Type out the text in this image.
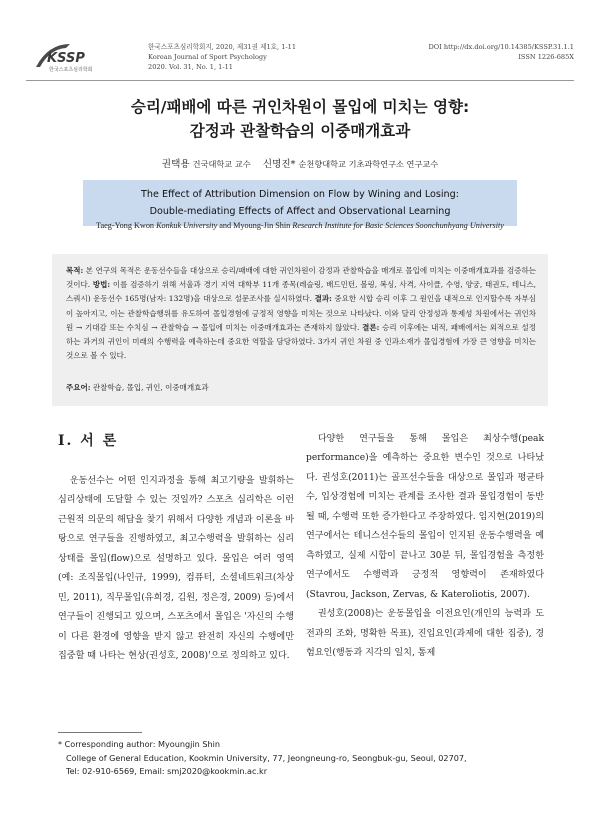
KSSP
한국스포츠심리학회
한국스포츠심리학회지, 2020, 제31권 제1호, 1-11
Korean Journal of Sport Psychology
2020. Vol. 31, No. 1, 1-11
DOI http://dx.doi.org/10.14385/KSSP.31.1.1
ISSN 1226-685X
승리/패배에 따른 귀인차원이 몰입에 미치는 영향:
감정과 관찰학습의 이중매개효과
권택용 건국대학교 교수 신명진* 순천향대학교 기초과학연구소 연구교수
The Effect of Attribution Dimension on Flow by Wining and Losing:
Double-mediating Effects of Affect and Observational Learning
Taeg-Yong Kwon Konkuk University and Myoung-Jin Shin Research Institute for Basic Sciences Soonchunhyang University
목적: 본 연구의 목적은 운동선수들을 대상으로 승리/패배에 대한 귀인차원이 감정과 관찰학습을 매개로 몰입에 미치는 이중매개효과를 검증하는 것이다. 방법: 이를 검증하기 위해 서울과 경기 지역 대학부 11개 종목(레슬링, 배드민턴, 볼링, 복싱, 사격, 사이클, 수영, 양궁, 태권도, 테니스, 스쿼시) 운동선수 165명(남자: 132명)을 대상으로 설문조사를 실시하였다. 결과: 중요한 시합 승리 이후 그 원인을 내적으로 인지할수록 자부심이 높아지고, 이는 관찰학습행위를 유도하여 몰입경험에 긍정적 영향을 미치는 것으로 나타났다. 이와 달리 안정성과 통제성 차원에서는 귀인차원 → 기대감 또는 수치심 → 관찰학습 → 몰입에 미치는 이중매개효과는 존재하지 않았다. 결론: 승리 이후에는 내적, 패배에서는 외적으로 설정하는 과거의 귀인이 미래의 수행력을 예측하는데 중요한 역할을 담당하였다. 3가지 귀인 차원 중 인과소재가 몰입경험에 가장 큰 영향을 미치는 것으로 볼 수 있다.
주요어: 관찰학습, 몰입, 귀인, 이중매개효과
Ⅰ. 서 론
운동선수는 어떤 인지과정을 통해 최고기량을 발휘하는 심리상태에 도달할 수 있는 것일까? 스포츠 심리학은 이런 근원적 의문의 해답을 찾기 위해서 다양한 개념과 이론을 바탕으로 연구들을 진행하였고, 최고수행력을 발휘하는 심리 상태를 몰입(flow)으로 설명하고 있다. 몰입은 여러 영역(예: 조직몰입(나인규, 1999), 컴퓨터, 소셜네트워크(차상민, 2011), 직무몰입(유희경, 김원, 정은경, 2009) 등)에서 연구들이 진행되고 있으며, 스포츠에서 몰입은 '자신의 수행이 다른 환경에 영향을 받지 않고 완전히 자신의 수행에만 집중할 때 나타는 현상(권성호, 2008)'으로 정의하고 있다.
다양한 연구들을 통해 몰입은 최상수행(peak performance)을 예측하는 중요한 변수인 것으로 나타났다. 권성호(2011)는 골프선수들을 대상으로 몰입과 평균타수, 입상경험에 미치는 관계를 조사한 결과 몰입경험이 동반될 때, 수행력 또한 증가한다고 주장하였다. 임지현(2019)의 연구에서는 테니스선수들의 몰입이 인지된 운동수행력을 예측하였고, 실제 시합이 끝나고 30분 뒤, 몰입경험을 측정한 연구에서도 수행력과 긍정적 영향력이 존재하였다(Stavrou, Jackson, Zervas, & Kateroliotis, 2007).
권성호(2008)는 운동몰입을 이전요인(개인의 능력과 도전과의 조화, 명확한 목표), 진입요인(과제에 대한 집중), 경험요인(행동과 지각의 일치, 통제
* Corresponding author: Myoungjin Shin
College of General Education, Kookmin University, 77, Jeongneung-ro, Seongbuk-gu, Seoul, 02707,
Tel: 02-910-6569, Email: smj2020@kookmin.ac.kr
